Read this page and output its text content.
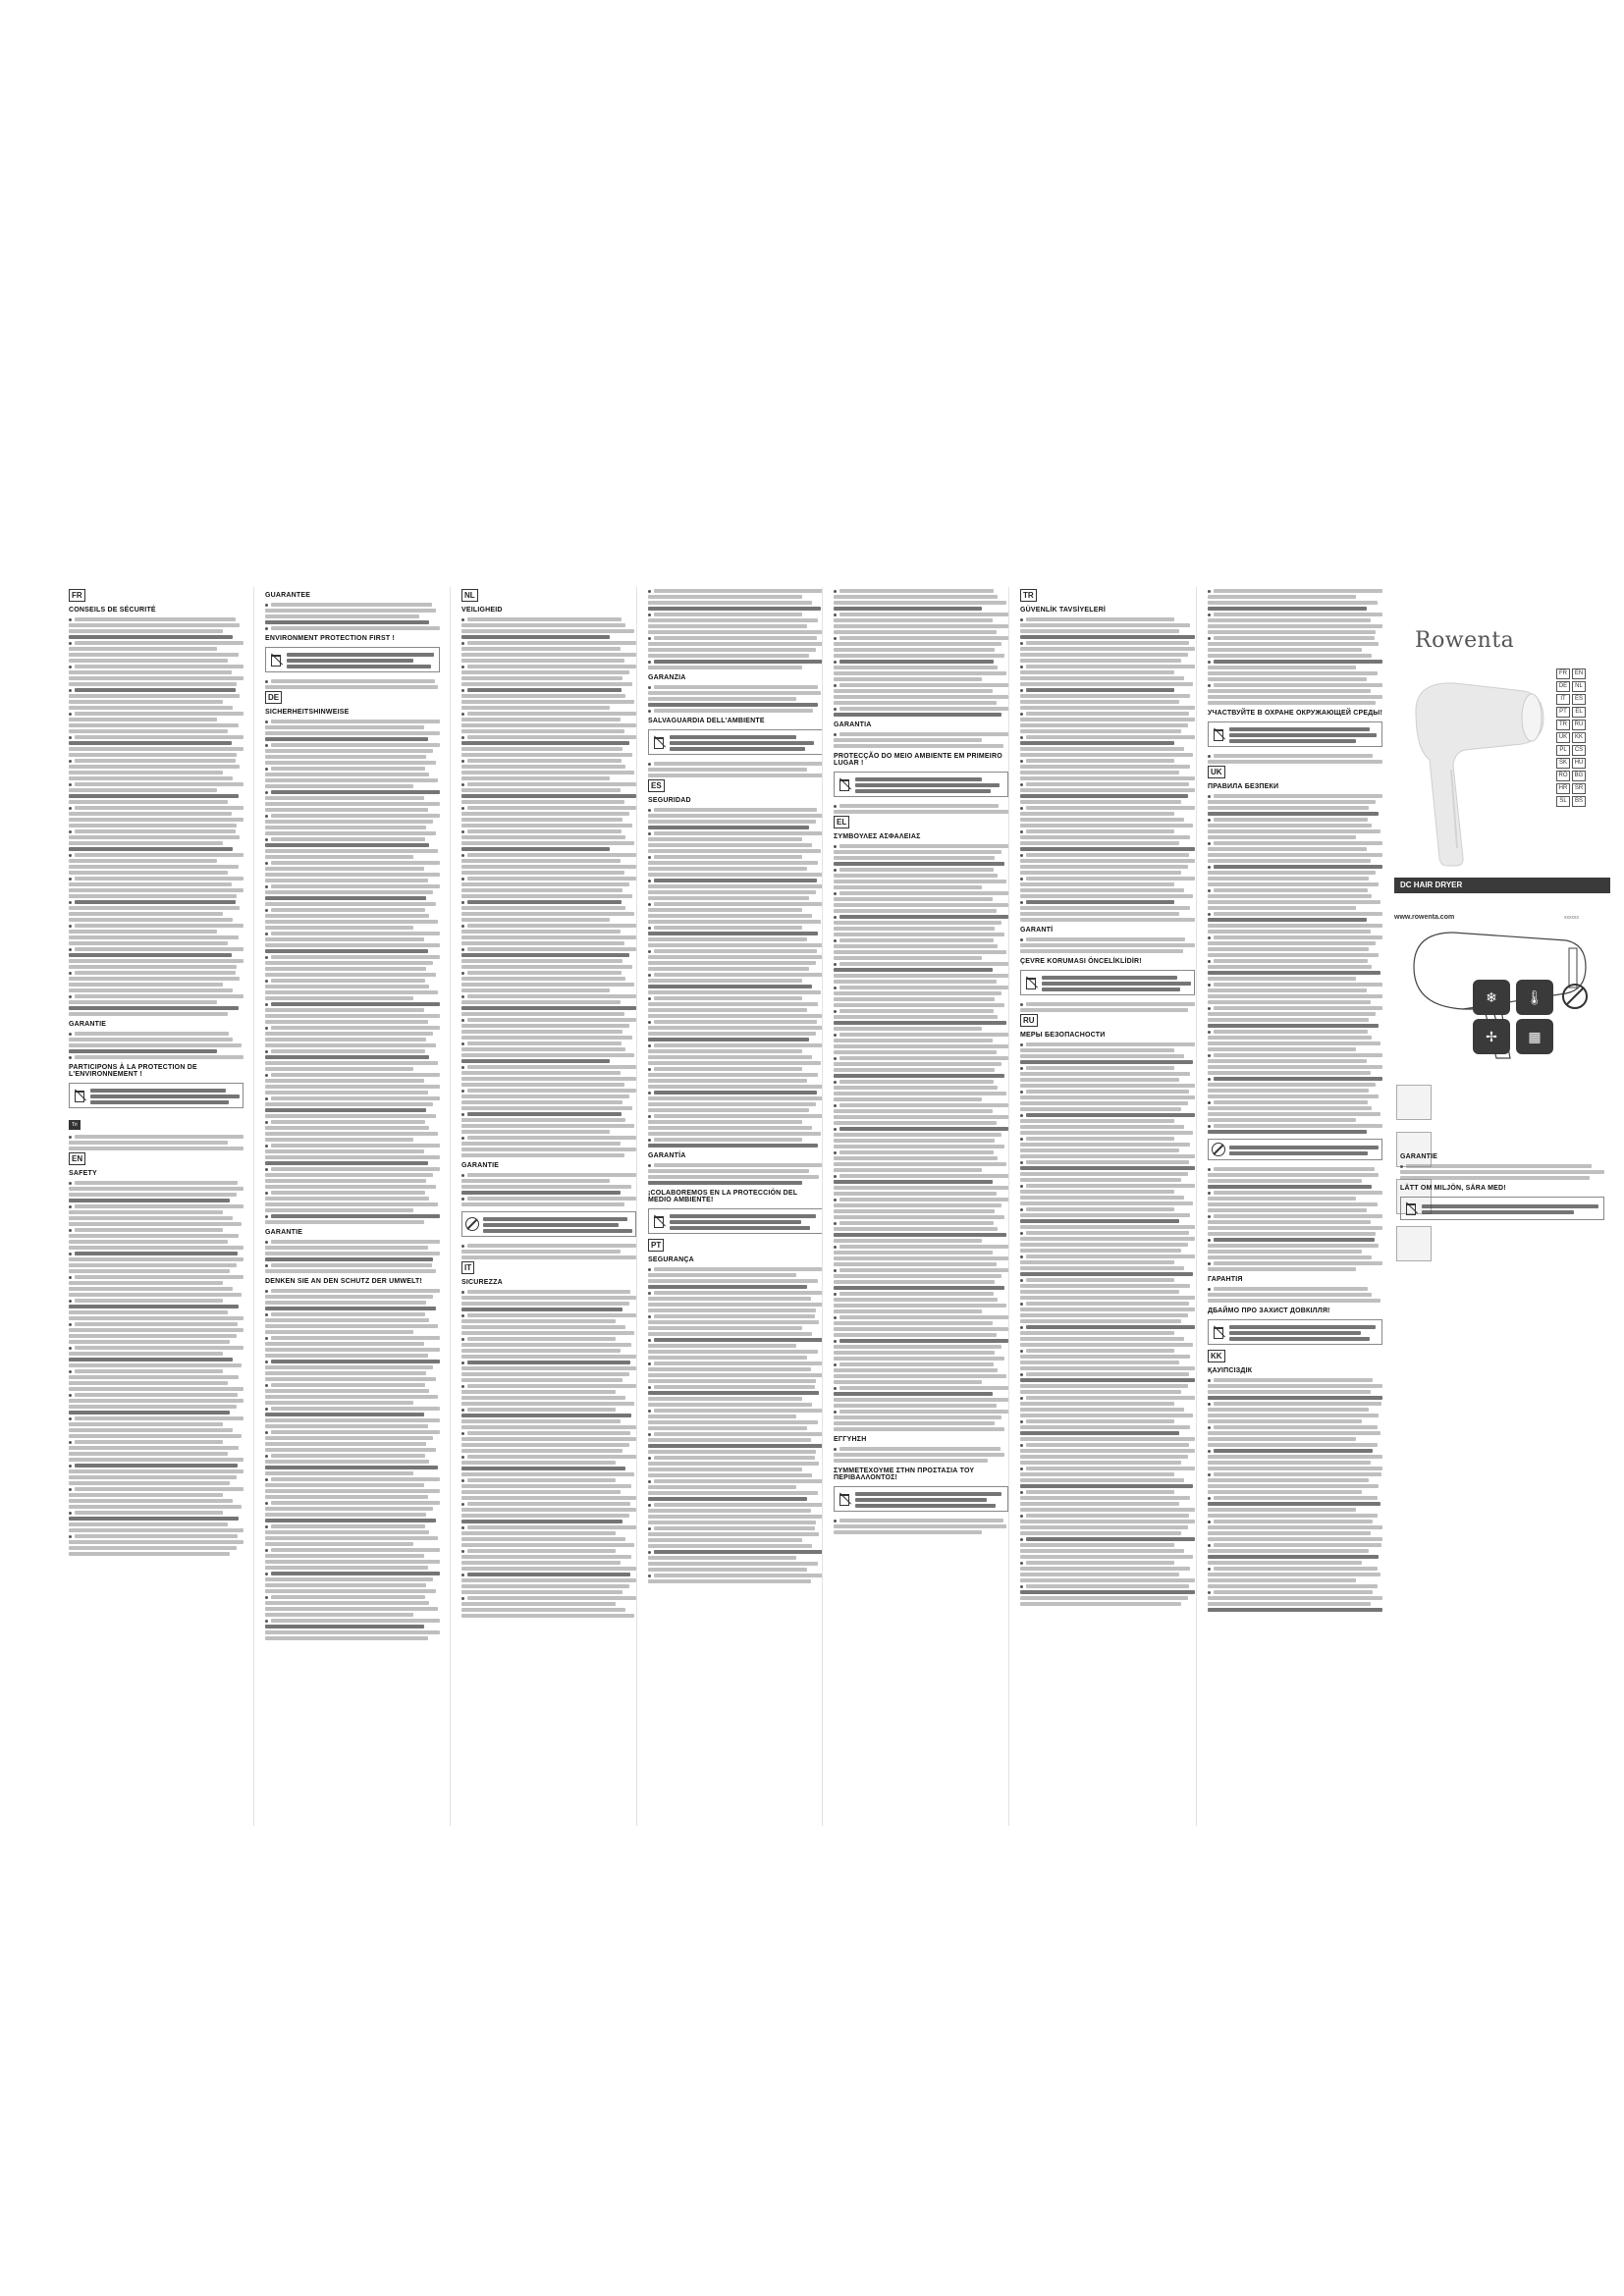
FR
CONSEILS DE SÉCURITÉ
GARANTIE
PARTICIPONS À LA PROTECTION DE L'ENVIRONNEMENT !
Tri
EN
SAFETY
GUARANTEE
ENVIRONMENT PROTECTION FIRST !
DE
SICHERHEITSHINWEISE
GARANTIE
DENKEN SIE AN DEN SCHUTZ DER UMWELT!
NL
VEILIGHEID
GARANTIE
IT
SICUREZZA
GARANZIA
SALVAGUARDIA DELL'AMBIENTE
ES
SEGURIDAD
GARANTÍA
¡COLABOREMOS EN LA PROTECCIÓN DEL MEDIO AMBIENTE!
PT
SEGURANÇA
GARANTIA
PROTECÇÃO DO MEIO AMBIENTE EM PRIMEIRO LUGAR !
EL
ΣΥΜΒΟΥΛΕΣ ΑΣΦΑΛΕΙΑΣ
ΕΓΓΥΗΣΗ
ΣΥΜΜΕΤΕΧΟΥΜΕ ΣΤΗΝ ΠΡΟΣΤΑΣΙΑ ΤΟΥ ΠΕΡΙΒΑΛΛΟΝΤΟΣ!
TR
GÜVENLİK TAVSİYELERİ
GARANTİ
ÇEVRE KORUMASI ÖNCELİKLİDİR!
RU
МЕРЫ БЕЗОПАСНОСТИ
УЧАСТВУЙТЕ В ОХРАНЕ ОКРУЖАЮЩЕЙ СРЕДЫ!
UK
ПРАВИЛА БЕЗПЕКИ
ГАРАНТІЯ
ДБАЙМО ПРО ЗАХИСТ ДОВКІЛЛЯ!
KK
ҚАУІПСІЗДІК
Rowenta
FR	EN
DE	NL
IT	ES
PT	EL
TR	RU
UK	KK
PL	CS
SK	HU
RO	BG
HR	SR
SL	BS
DC HAIR DRYER
www.rowenta.com	xxxxxx
❄	🌡
✢	▦
GARANTIE
LÄTT OM MILJÖN, SÄRA MED!
